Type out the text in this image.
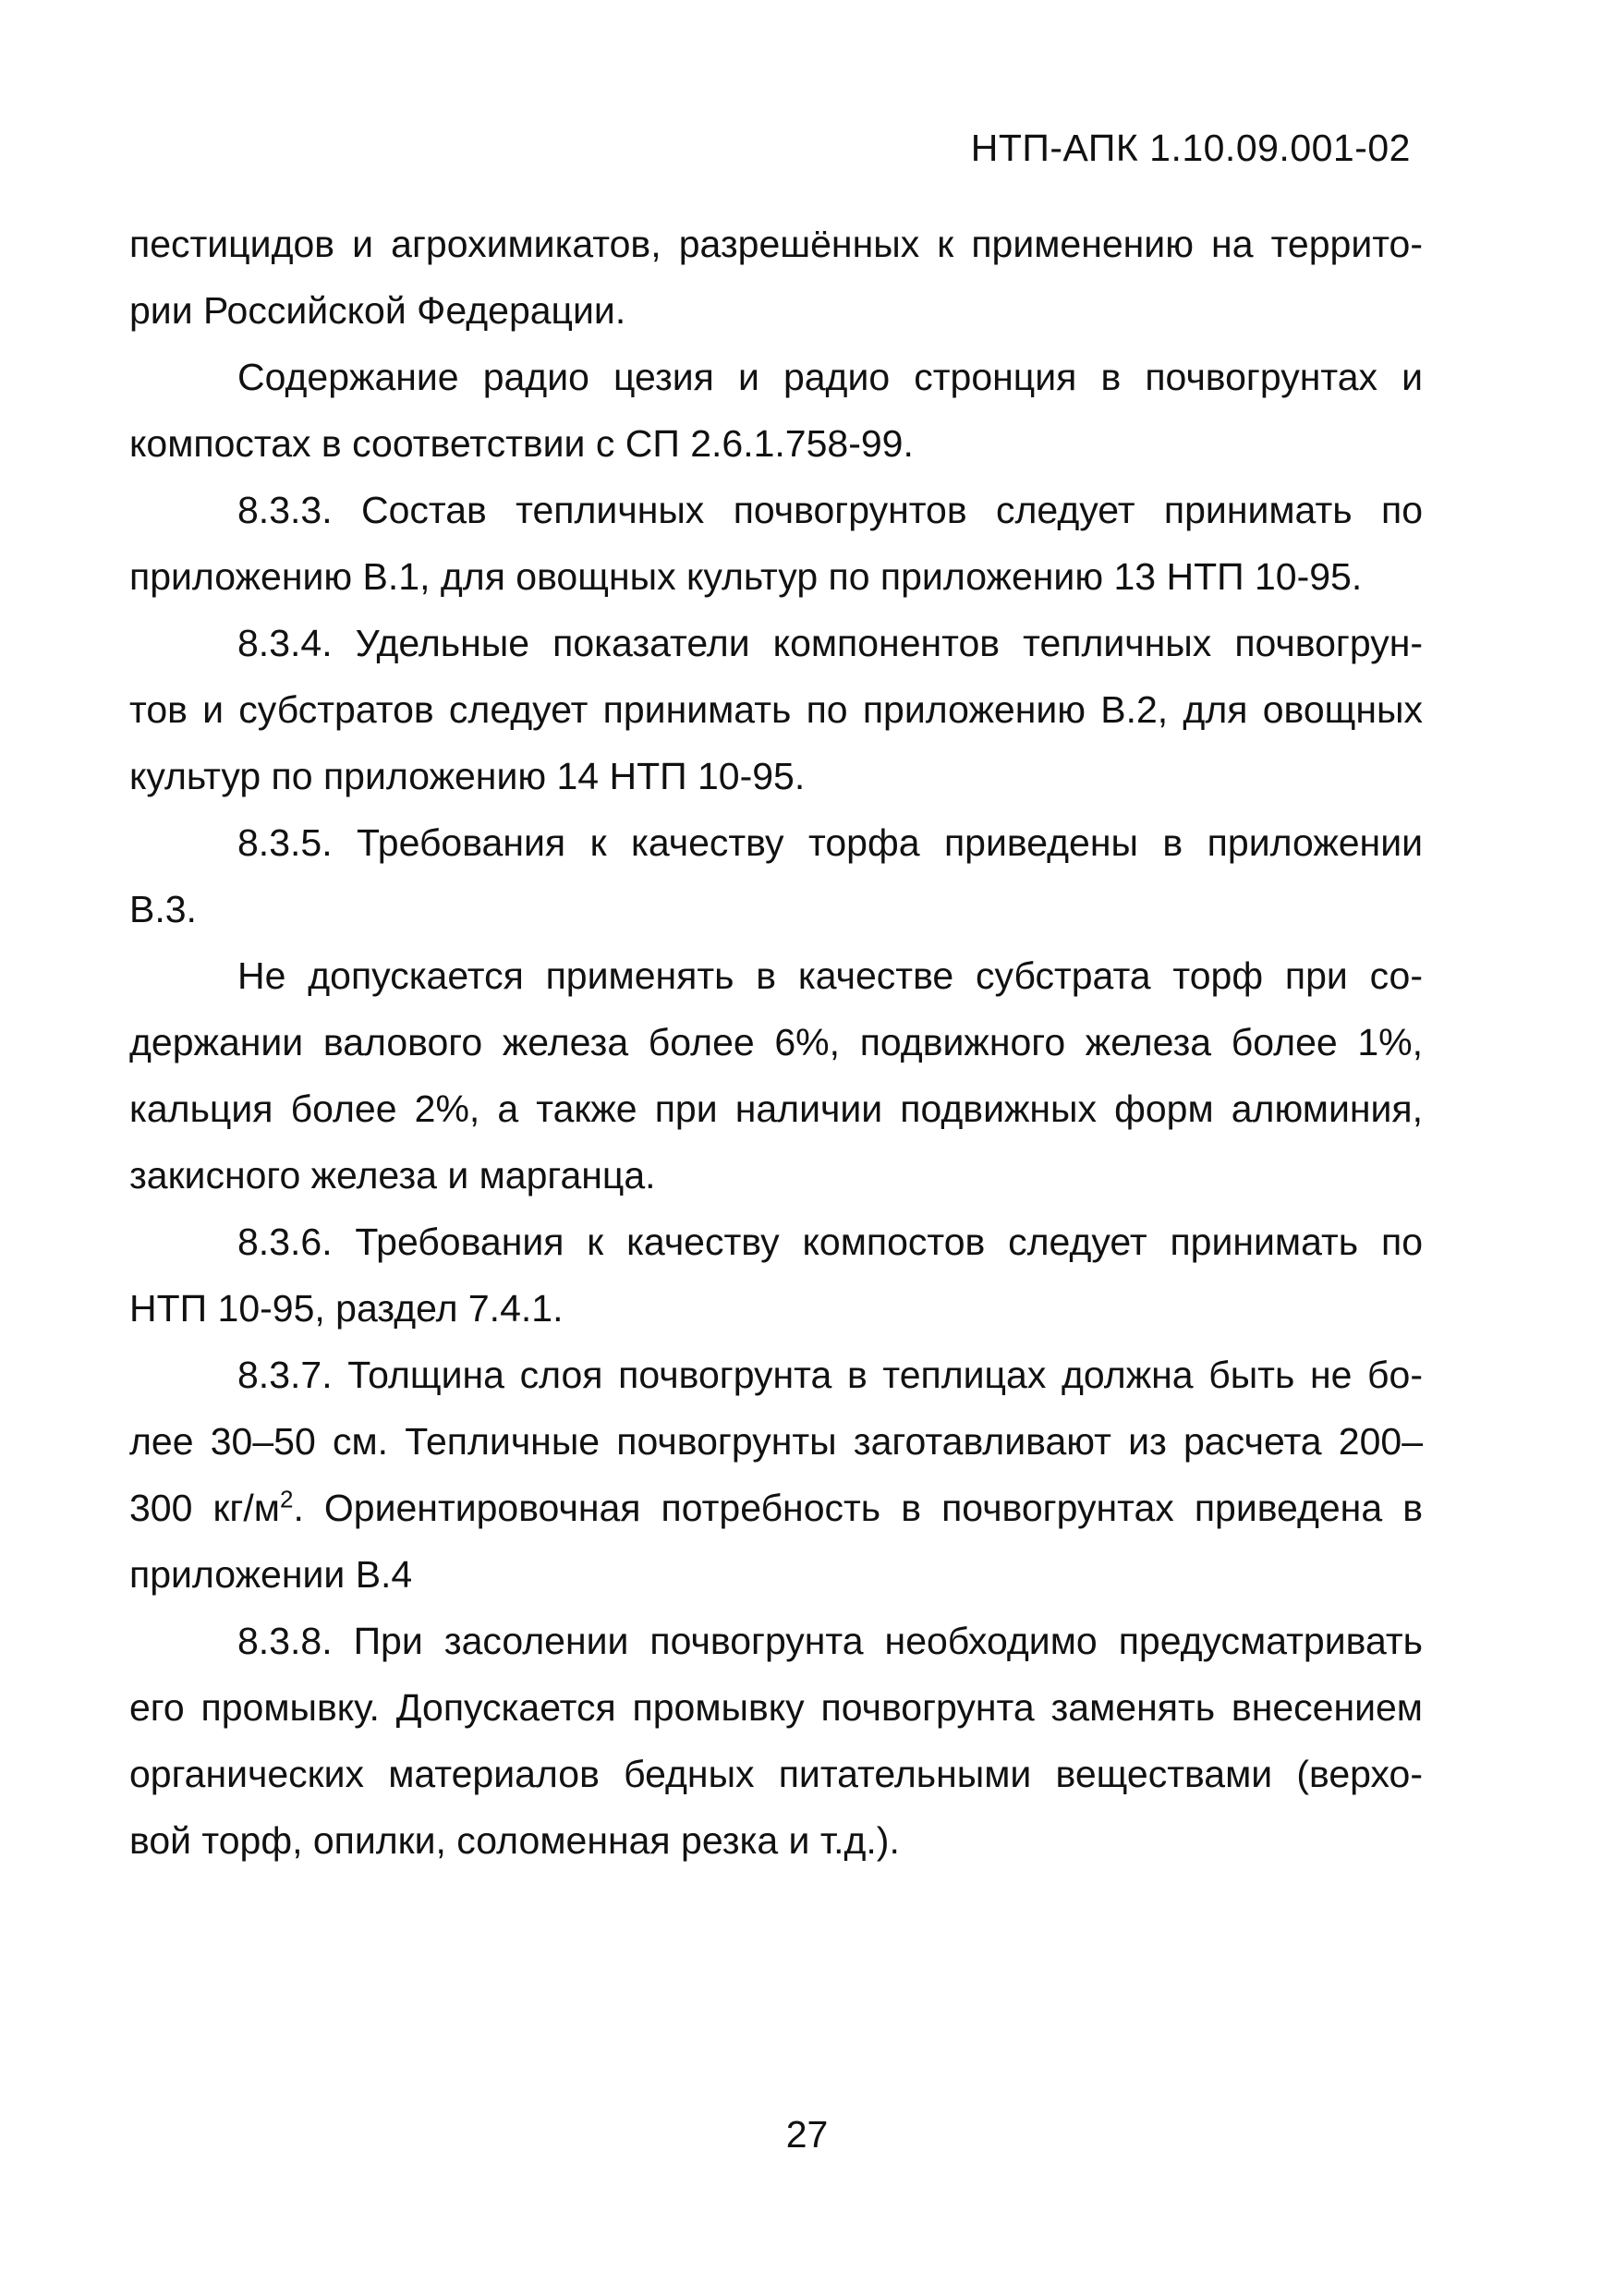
НТП-АПК 1.10.09.001-02
пестицидов и агрохимикатов, разрешённых к применению на террито-
рии Российской Федерации.
Содержание радио цезия и радио стронция в почвогрунтах и
компостах в соответствии с СП 2.6.1.758-99.
8.3.3. Состав тепличных почвогрунтов следует принимать по
приложению В.1, для овощных культур по приложению 13 НТП 10-95.
8.3.4. Удельные показатели компонентов тепличных почвогрун-
тов и субстратов следует принимать по приложению В.2, для овощных
культур по приложению 14 НТП 10-95.
8.3.5. Требования к качеству торфа приведены в приложении
В.3.
Не допускается применять в качестве субстрата торф при со-
держании валового железа более 6%, подвижного железа более 1%,
кальция более 2%, а также при наличии подвижных форм алюминия,
закисного железа и марганца.
8.3.6. Требования к качеству компостов следует принимать по
НТП 10-95, раздел 7.4.1.
8.3.7. Толщина слоя почвогрунта в теплицах должна быть не бо-
лее 30–50 см. Тепличные почвогрунты заготавливают из расчета 200–
300 $кг/м^2$. Ориентировочная потребность в почвогрунтах приведена в
приложении В.4
8.3.8. При засолении почвогрунта необходимо предусматривать
его промывку. Допускается промывку почвогрунта заменять внесением
органических материалов бедных питательными веществами (верхо-
вой торф, опилки, соломенная резка и т.д.).
27
